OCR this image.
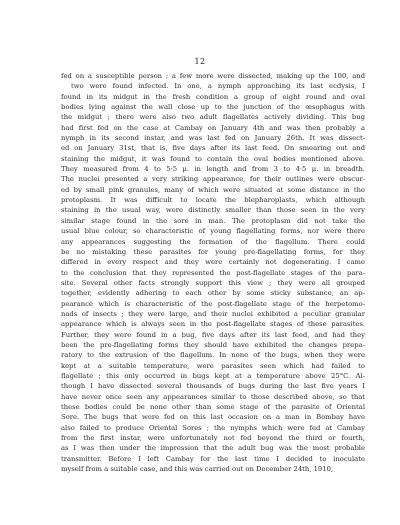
12
fed on a susceptible person ; a few more were dissected, making up the 100, and
two were found infected. In one, a nymph approaching its last ecdysis, I
found in its midgut in the fresh condition a group of eight round and oval
bodies lying against the wall close up to the junction of the œsophagus with
the midgut ; there were also two adult flagellates actively dividing. This bug
had first fed on the case at Cambay on January 4th and was then probably a
nymph in its second instar, and was last fed on January 26th. It was dissect-
ed on January 31st, that is, five days after its last feed. On smearing out and
staining the midgut, it was found to contain the oval bodies mentioned above.
They measured from 4 to 5·5 μ. in length and from 3 to 4·5 μ. in breadth.
The nuclei presented a very striking appearance, for their outlines were obscur-
ed by small pink granules, many of which were situated at some distance in the
protoplasm. It was difficult to locate the blepharoplasts, which although
staining in the usual way, were distinctly smaller than those seen in the very
similar stage found in the sore in man. The protoplasm did not take the
usual blue colour, so characteristic of young flagellating forms, nor were there
any appearances suggesting the formation of the flagellum. There could
be no mistaking these parasites for young pre-flagellating forms, for they
differed in every respect and they were certainly not degenerating. I came
to the conclusion that they represented the post-flagellate stages of the para-
site. Several other facts strongly support this view ; they were all grouped
together, evidently adhering to each other by some sticky substance, an ap-
pearance which is characteristic of the post-flagellate stage of the herpetomo-
nads of insects ; they were large, and their nuclei exhibited a peculiar granular
appearance which is always seen in the post-flagellate stages of these parasites.
Further, they were found in a bug, five days after its last feed, and had they
been the pre-flagellating forms they should have exhibited the changes prepa-
ratory to the extrusion of the flagellum. In none of the bugs, when they were
kept at a suitable temperature, were parasites seen which had failed to
flagellate ; this only occurred in bugs kept at a temperature above 25°C. Al-
though I have dissected several thousands of bugs during the last five years I
have never once seen any appearances similar to those described above, so that
these bodies could be none other than some stage of the parasite of Oriental
Sore. The bugs that were fed on this last occasion on a man in Bombay have
also failed to produce Oriental Sores ; the nymphs which were fed at Cambay
from the first instar, were unfortunately not fed beyond the third or fourth,
as I was then under the impression that the adult bug was the most probable
transmitter. Before I left Cambay for the last time I decided to inoculate
myself from a suitable case, and this was carried out on December 24th, 1910,
